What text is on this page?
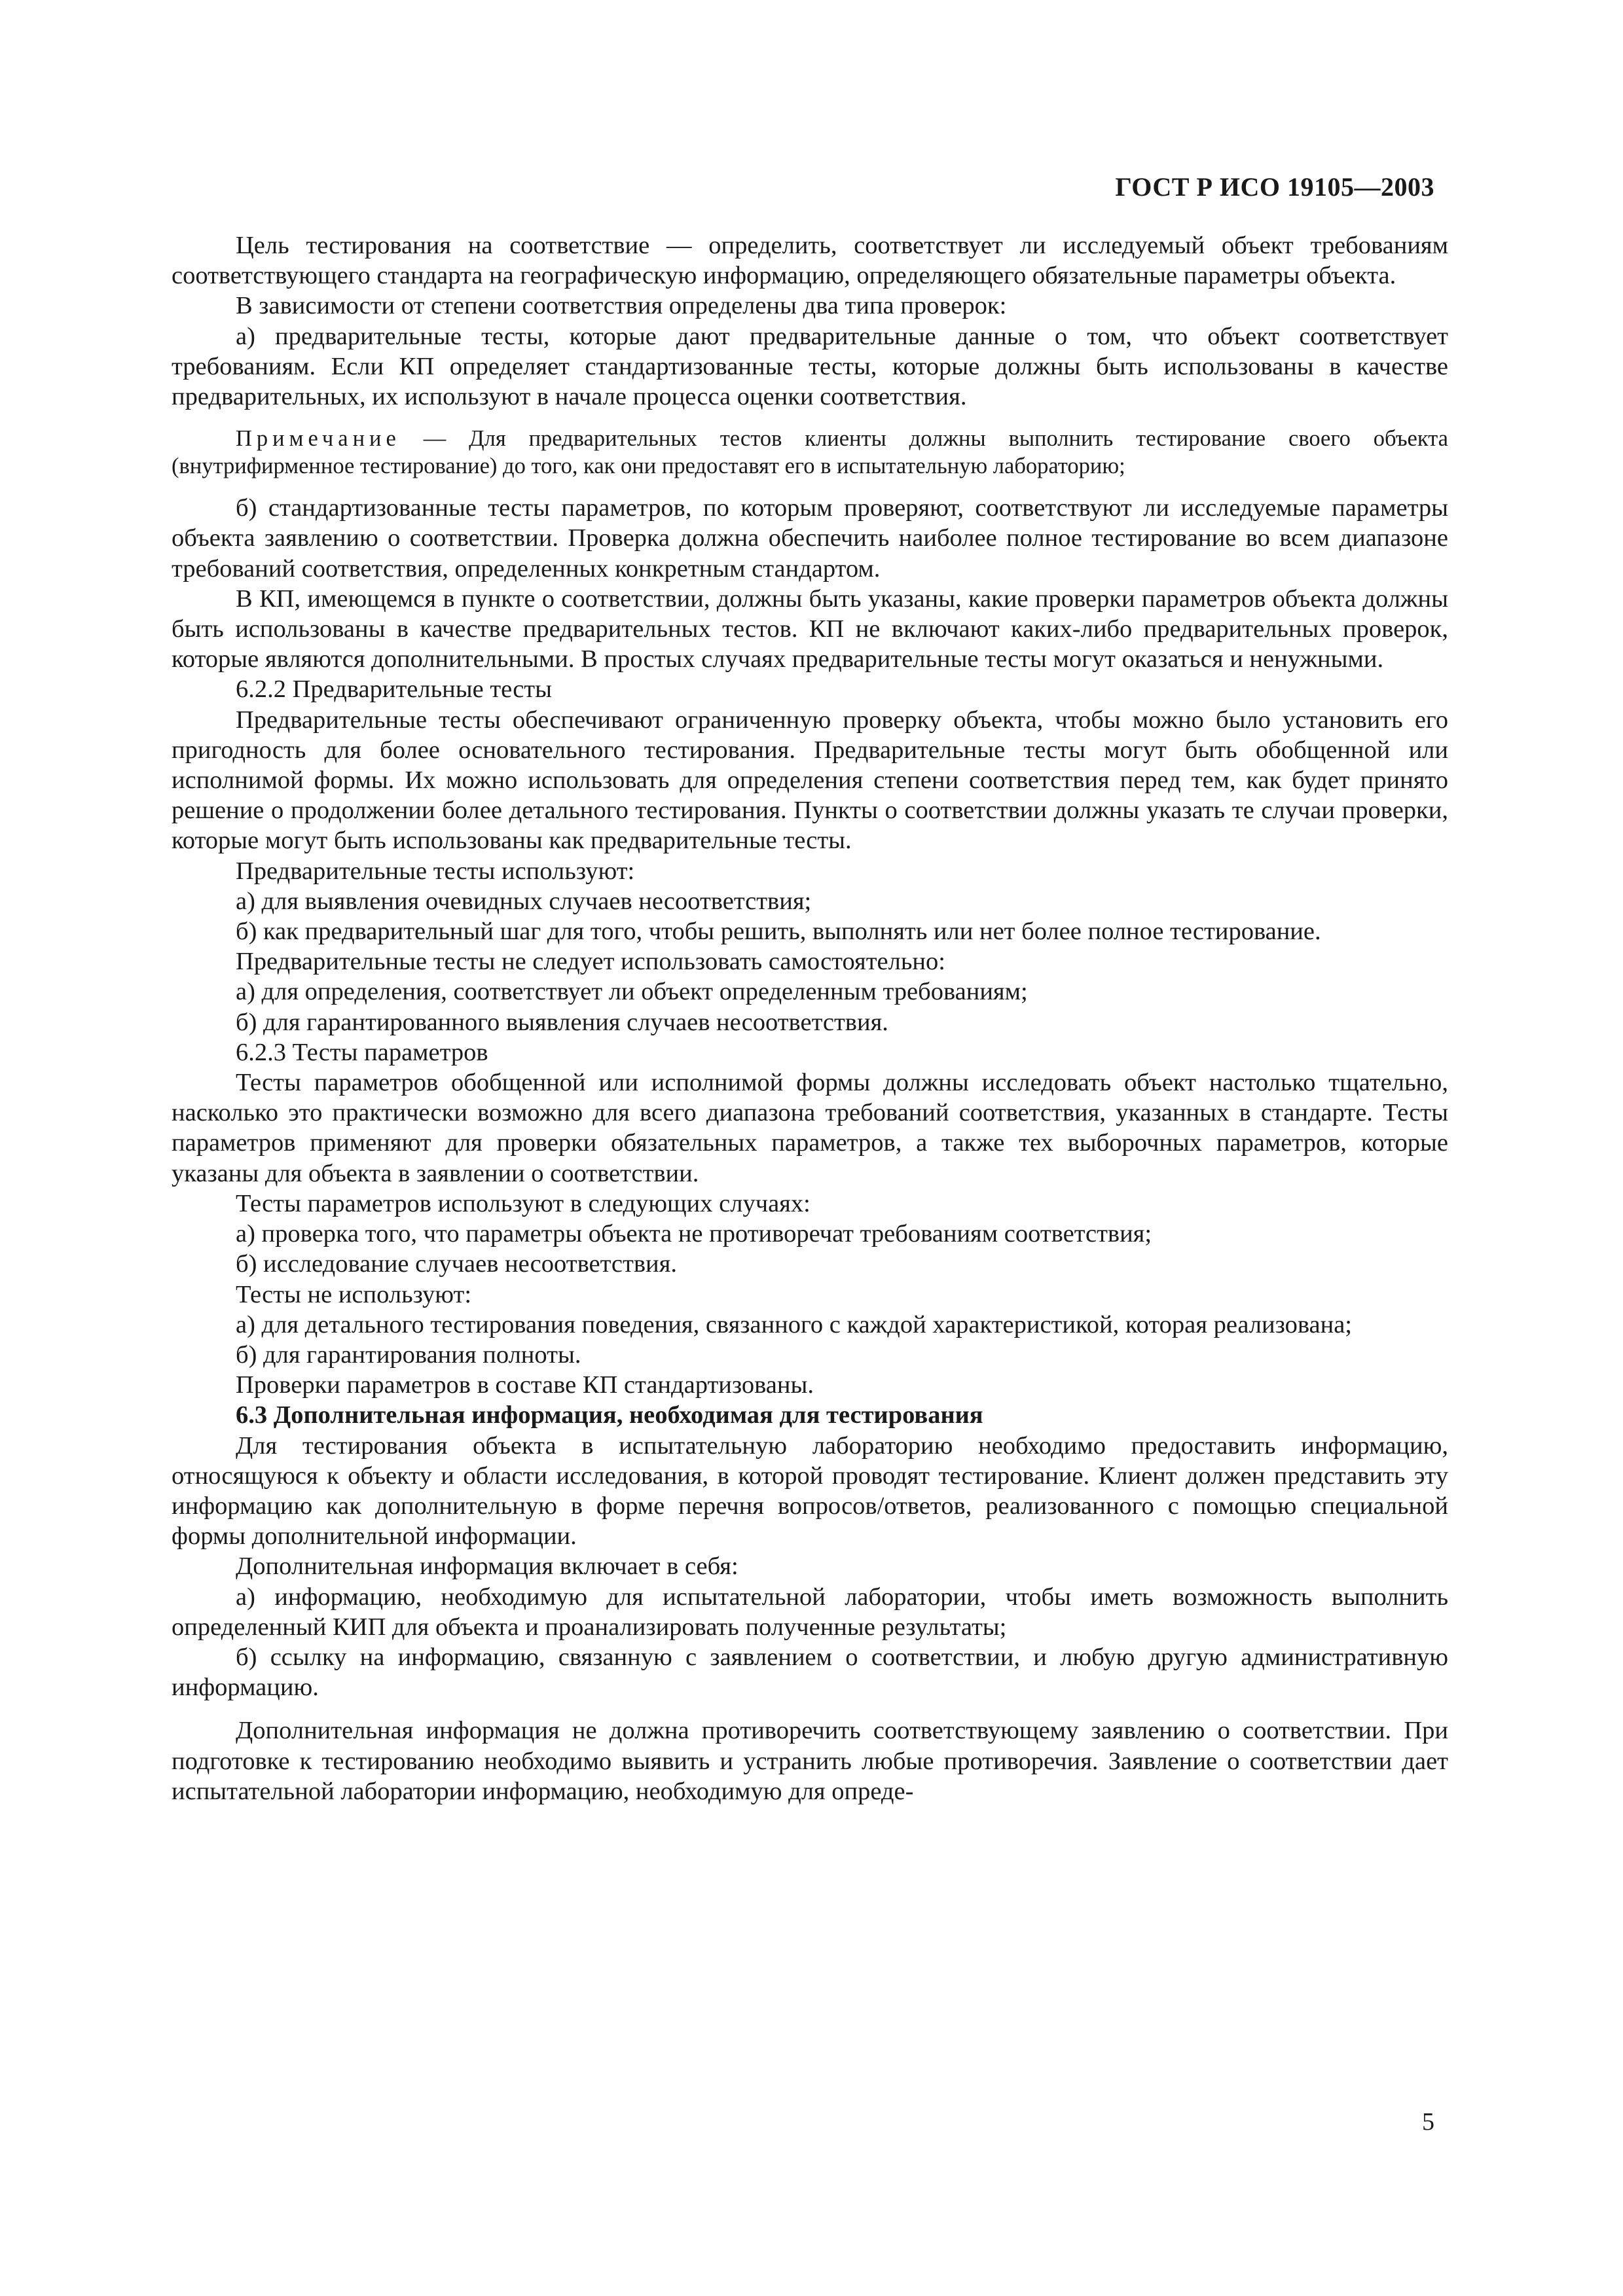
ГОСТ Р ИСО 19105—2003

Цель тестирования на соответствие — определить, соответствует ли исследуемый объект требованиям соответствующего стандарта на географическую информацию, определяющего обязательные параметры объекта.

В зависимости от степени соответствия определены два типа проверок:

а) предварительные тесты, которые дают предварительные данные о том, что объект соответствует требованиям. Если КП определяет стандартизованные тесты, которые должны быть использованы в качестве предварительных, их используют в начале процесса оценки соответствия.

Примечание — Для предварительных тестов клиенты должны выполнить тестирование своего объекта (внутрифирменное тестирование) до того, как они предоставят его в испытательную лабораторию;

б) стандартизованные тесты параметров, по которым проверяют, соответствуют ли исследуемые параметры объекта заявлению о соответствии. Проверка должна обеспечить наиболее полное тестирование во всем диапазоне требований соответствия, определенных конкретным стандартом.

В КП, имеющемся в пункте о соответствии, должны быть указаны, какие проверки параметров объекта должны быть использованы в качестве предварительных тестов. КП не включают каких-либо предварительных проверок, которые являются дополнительными. В простых случаях предварительные тесты могут оказаться и ненужными.

6.2.2 Предварительные тесты

Предварительные тесты обеспечивают ограниченную проверку объекта, чтобы можно было установить его пригодность для более основательного тестирования. Предварительные тесты могут быть обобщенной или исполнимой формы. Их можно использовать для определения степени соответствия перед тем, как будет принято решение о продолжении более детального тестирования. Пункты о соответствии должны указать те случаи проверки, которые могут быть использованы как предварительные тесты.

Предварительные тесты используют:

а) для выявления очевидных случаев несоответствия;

б) как предварительный шаг для того, чтобы решить, выполнять или нет более полное тестирование.

Предварительные тесты не следует использовать самостоятельно:

а) для определения, соответствует ли объект определенным требованиям;

б) для гарантированного выявления случаев несоответствия.

6.2.3 Тесты параметров

Тесты параметров обобщенной или исполнимой формы должны исследовать объект настолько тщательно, насколько это практически возможно для всего диапазона требований соответствия, указанных в стандарте. Тесты параметров применяют для проверки обязательных параметров, а также тех выборочных параметров, которые указаны для объекта в заявлении о соответствии.

Тесты параметров используют в следующих случаях:

а) проверка того, что параметры объекта не противоречат требованиям соответствия;

б) исследование случаев несоответствия.

Тесты не используют:

а) для детального тестирования поведения, связанного с каждой характеристикой, которая реализована;

б) для гарантирования полноты.

Проверки параметров в составе КП стандартизованы.

6.3 Дополнительная информация, необходимая для тестирования

Для тестирования объекта в испытательную лабораторию необходимо предоставить информацию, относящуюся к объекту и области исследования, в которой проводят тестирование. Клиент должен представить эту информацию как дополнительную в форме перечня вопросов/ответов, реализованного с помощью специальной формы дополнительной информации.

Дополнительная информация включает в себя:

а) информацию, необходимую для испытательной лаборатории, чтобы иметь возможность выполнить определенный КИП для объекта и проанализировать полученные результаты;

б) ссылку на информацию, связанную с заявлением о соответствии, и любую другую административную информацию.

Дополнительная информация не должна противоречить соответствующему заявлению о соответствии. При подготовке к тестированию необходимо выявить и устранить любые противоречия. Заявление о соответствии дает испытательной лаборатории информацию, необходимую для опреде-

5
